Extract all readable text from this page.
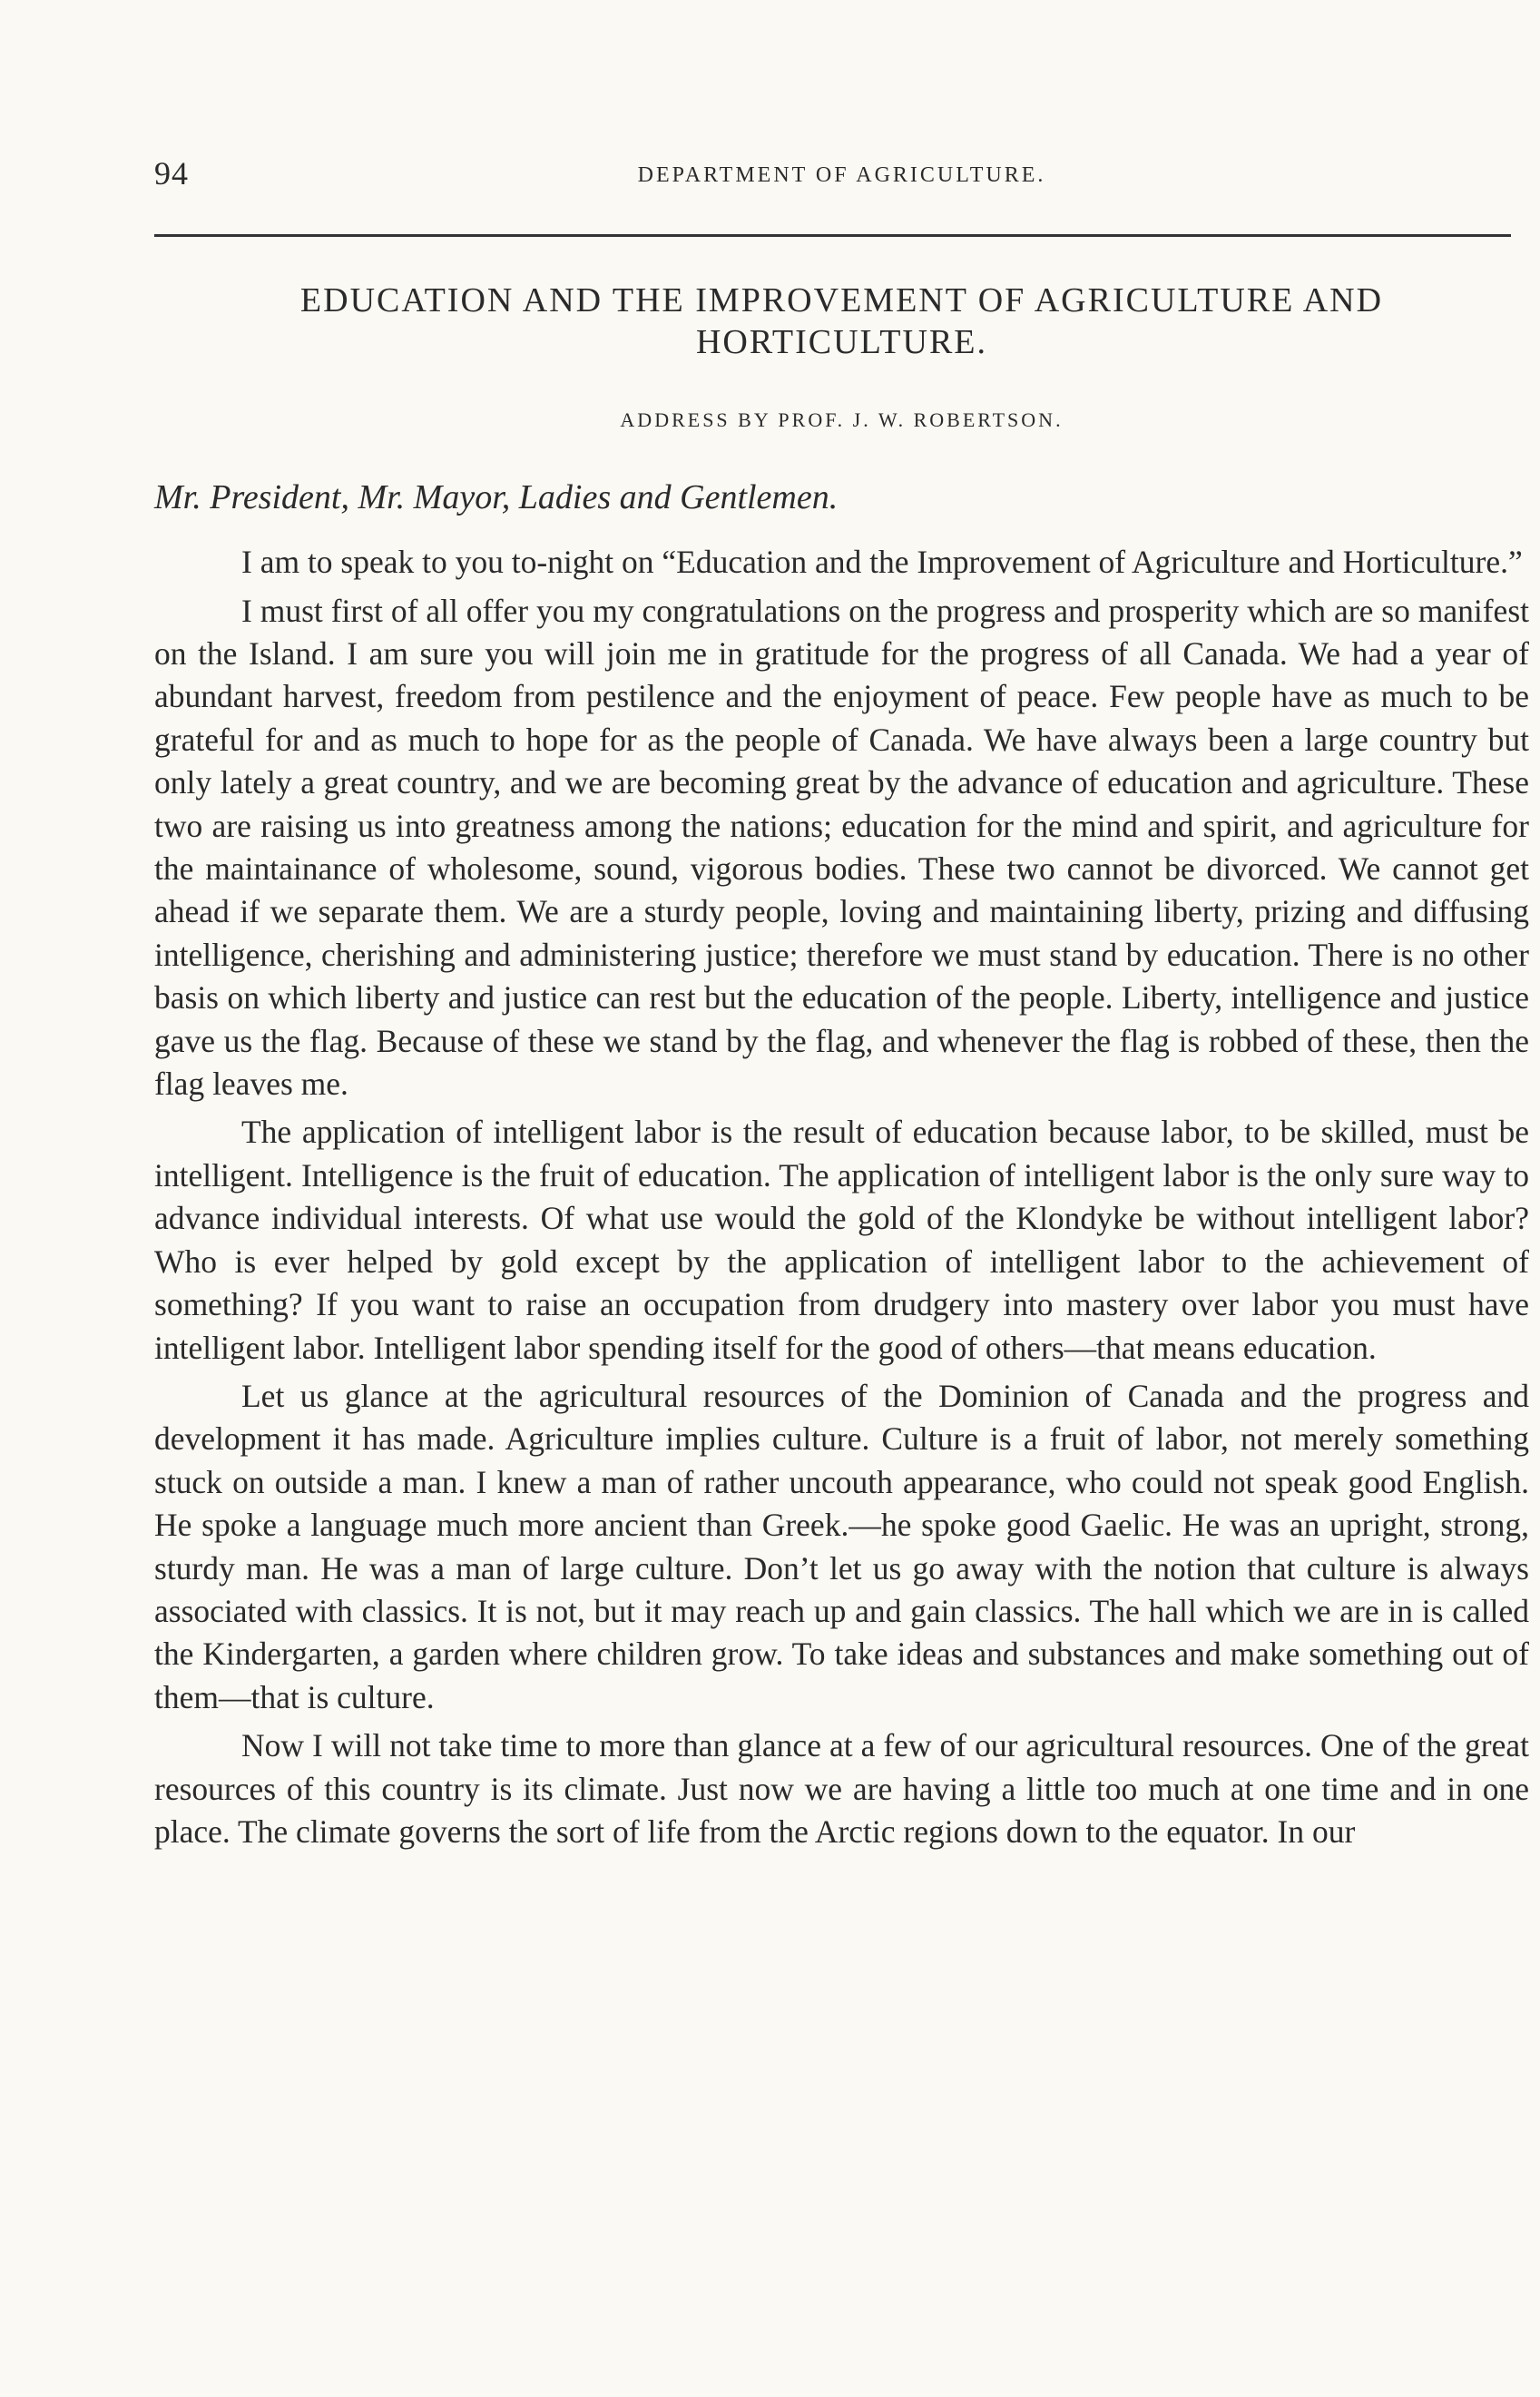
94	DEPARTMENT OF AGRICULTURE.
EDUCATION AND THE IMPROVEMENT OF AGRICULTURE AND
HORTICULTURE.
ADDRESS BY PROF. J. W. ROBERTSON.

Mr. President, Mr. Mayor, Ladies and Gentlemen.

I am to speak to you to-night on “Education and the Improvement of Agriculture and Horticulture.”

I must first of all offer you my congratulations on the progress and prosperity which are so manifest on the Island. I am sure you will join me in gratitude for the progress of all Canada. We had a year of abundant harvest, freedom from pestilence and the enjoyment of peace. Few people have as much to be grateful for and as much to hope for as the people of Canada. We have always been a large country but only lately a great country, and we are becoming great by the advance of education and agriculture. These two are raising us into greatness among the nations; education for the mind and spirit, and agriculture for the maintainance of wholesome, sound, vigorous bodies. These two cannot be divorced. We cannot get ahead if we separate them. We are a sturdy people, loving and maintaining liberty, prizing and diffusing intelligence, cherishing and administering justice; therefore we must stand by education. There is no other basis on which liberty and justice can rest but the education of the people. Liberty, intelligence and justice gave us the flag. Because of these we stand by the flag, and whenever the flag is robbed of these, then the flag leaves me.

The application of intelligent labor is the result of education because labor, to be skilled, must be intelligent. Intelligence is the fruit of education. The application of intelligent labor is the only sure way to advance individual interests. Of what use would the gold of the Klondyke be without intelligent labor? Who is ever helped by gold except by the application of intelligent labor to the achievement of something? If you want to raise an occupation from drudgery into mastery over labor you must have intelligent labor. Intelligent labor spending itself for the good of others—that means education.

Let us glance at the agricultural resources of the Dominion of Canada and the progress and development it has made. Agriculture implies culture. Culture is a fruit of labor, not merely something stuck on outside a man. I knew a man of rather uncouth appearance, who could not speak good English. He spoke a language much more ancient than Greek.—he spoke good Gaelic. He was an upright, strong, sturdy man. He was a man of large culture. Don’t let us go away with the notion that culture is always associated with classics. It is not, but it may reach up and gain classics. The hall which we are in is called the Kindergarten, a garden where children grow. To take ideas and substances and make something out of them—that is culture.

Now I will not take time to more than glance at a few of our agricultural resources. One of the great resources of this country is its climate. Just now we are having a little too much at one time and in one place. The climate governs the sort of life from the Arctic regions down to the equator. In our
